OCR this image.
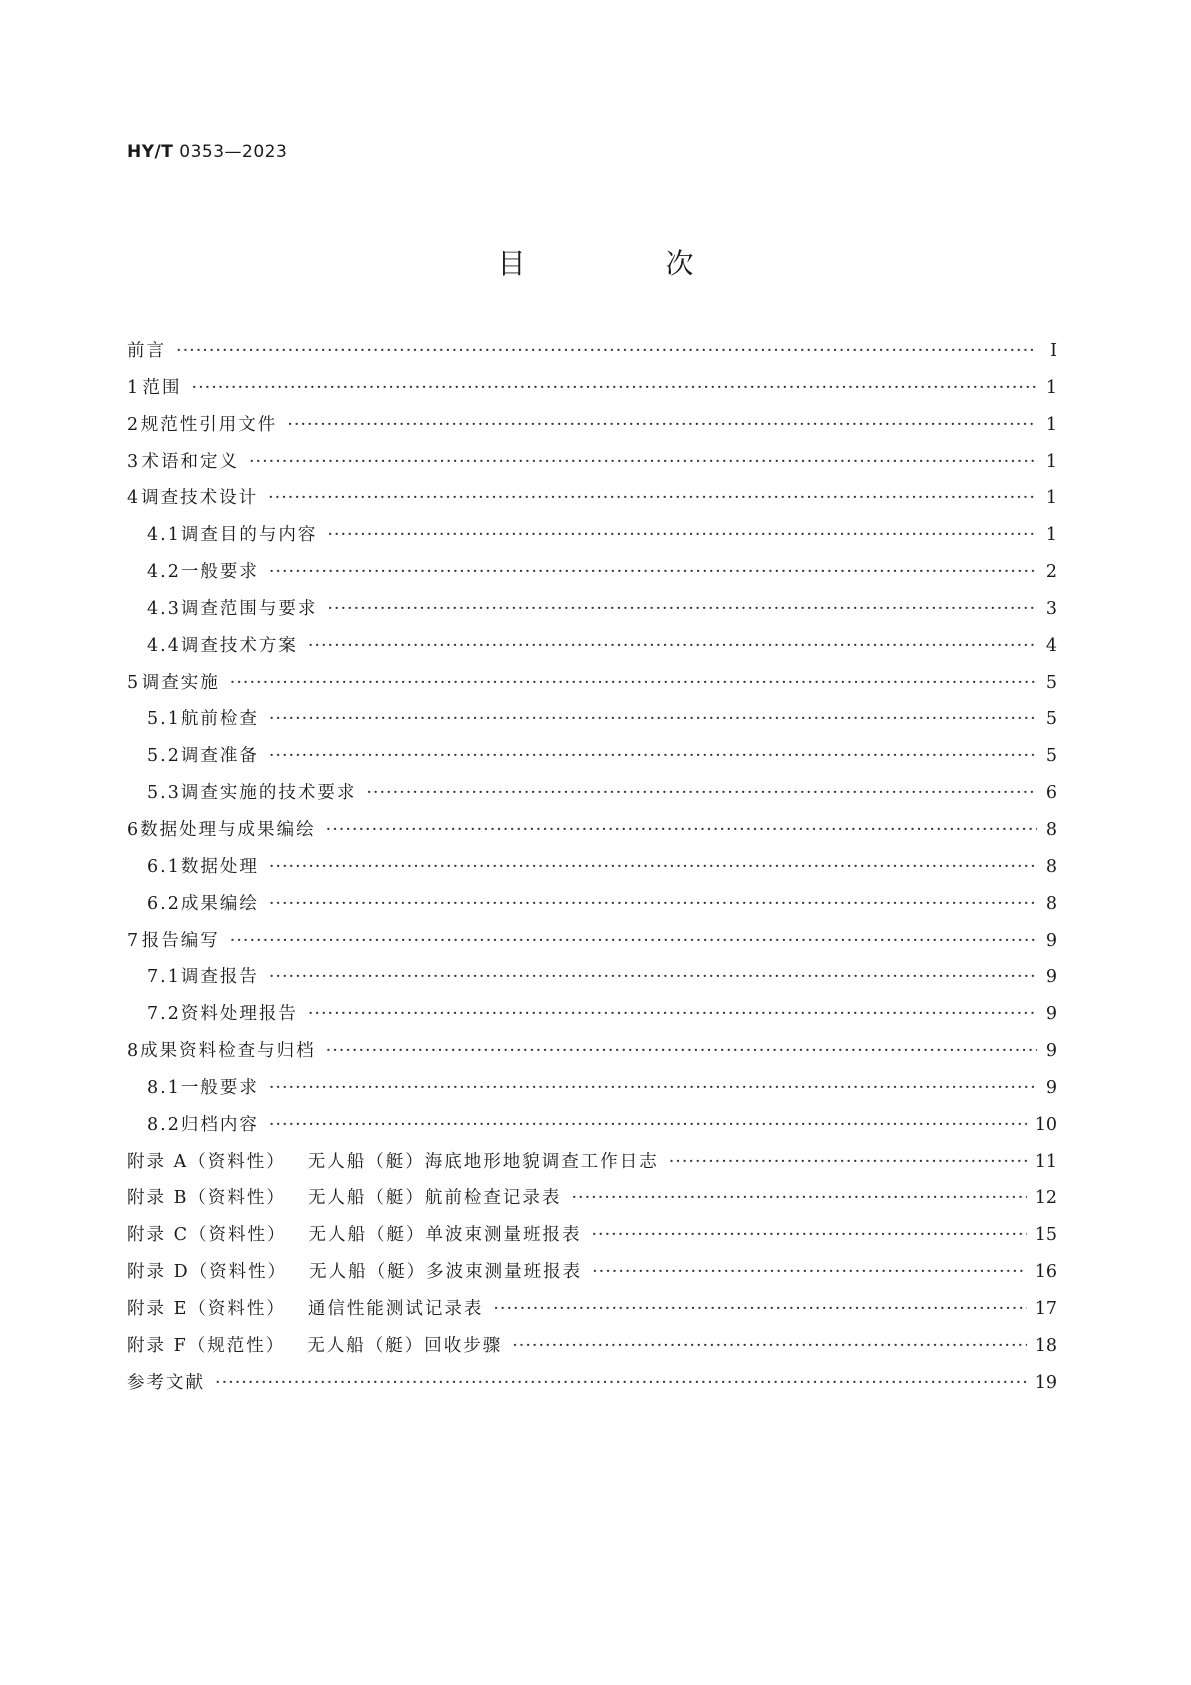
HY/T 0353—2023
目　次
前言 ·····	Ⅰ
1 范围 ·····	1
2 规范性引用文件 ·····	1
3 术语和定义 ·····	1
4 调查技术设计 ·····	1
4.1 调查目的与内容 ·····	1
4.2 一般要求 ·····	2
4.3 调查范围与要求 ·····	3
4.4 调查技术方案 ·····	4
5 调查实施 ·····	5
5.1 航前检查 ·····	5
5.2 调查准备 ·····	5
5.3 调查实施的技术要求 ·····	6
6 数据处理与成果编绘 ·····	8
6.1 数据处理 ·····	8
6.2 成果编绘 ·····	8
7 报告编写 ·····	9
7.1 调查报告 ·····	9
7.2 资料处理报告 ·····	9
8 成果资料检查与归档 ·····	9
8.1 一般要求 ·····	9
8.2 归档内容 ·····	10
附录 A（资料性） 无人船（艇）海底地形地貌调查工作日志 ·····	11
附录 B（资料性） 无人船（艇）航前检查记录表 ·····	12
附录 C（资料性） 无人船（艇）单波束测量班报表 ·····	15
附录 D（资料性） 无人船（艇）多波束测量班报表 ·····	16
附录 E（资料性） 通信性能测试记录表 ·····	17
附录 F（规范性） 无人船（艇）回收步骤 ·····	18
参考文献 ·····	19
